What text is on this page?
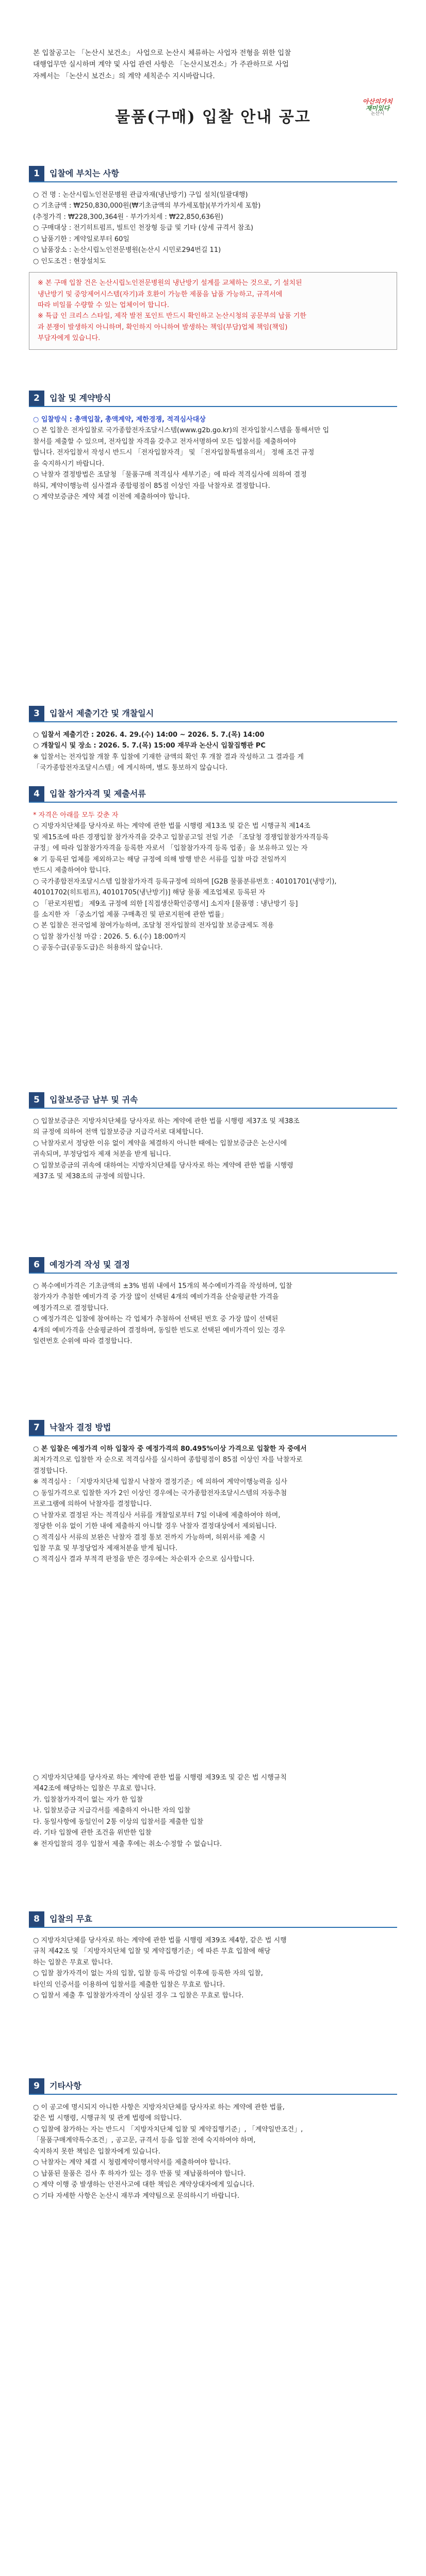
본 입찰공고는 「논산시 보건소」 사업으로 논산시 체류하는 사업자 전형을 위한 입찰

대행업무만 실시하며 계약 및 사업 관련 사항은 「논산시보건소」가 주관하므로 사업

자께서는 「논산시 보건소」의 계약 세칙준수 지시바랍니다.

물품(구매) 입찰 안내 공고
아산의가치
재미있다
논산시
1	입찰에 부치는 사항

○ 건 명 : 논산시립노인전문병원 관급자재(냉난방기) 구입 설치(일괄대행)

○ 기초금액 : ₩250,830,000원(₩기초금액의 부가세포함)(부가가치세 포함)

(추정가격 : ₩228,300,364원 · 부가가치세 : ₩22,850,636원)

○ 구매대상 : 전기히트펌프, 빌트인 천장형 등급 및 기타 (상세 규격서 참조)

○ 납품기한 : 계약일로부터 60일

○ 납품장소 : 논산시립노인전문병원(논산시 시민로294번길 11)

○ 인도조건 : 현장설치도

※ 본 구매 입찰 건은 논산시립노인전문병원의 냉난방기 설계를 교체하는 것으로, 기 설치된

냉난방기 및 중앙제어시스템(자기)과 호환이 가능한 제품을 납품 가능하고, 규격서에

따라 비일률 수량할 수 있는 업체이어 합니다.

※ 특급 인 크리스 스타일, 제작 발전 포인트 반드시 확인하고 논산시청의 공문부의 납품 기한

과 분쟁이 발생하지 아니하며, 확인하지 아니하여 발생하는 책임(부담)업체 책임(책임)

부담자에게 있습니다.

2	입찰 및 계약방식

○ 입찰방식 : 총액입찰, 총액계약, 제한경쟁, 적격심사대상

○ 본 입찰은 전자입찰로 국가종합전자조달시스템(www.g2b.go.kr)의 전자입찰시스템을 통해서만 입

찰서를 제출할 수 있으며, 전자입찰 자격을 갖추고 전자서명하여 모든 입찰서를 제출하여야

합니다. 전자입찰서 작성시 반드시 「전자입찰자격」 및 「전자입찰특별유의서」 정해 조건 규정

을 숙지하시기 바랍니다.

○ 낙찰자 결정방법은 조달청 「물품구매 적격심사 세부기준」에 따라 적격심사에 의하여 결정

하되, 계약이행능력 심사결과 종합평점이 85점 이상인 자를 낙찰자로 결정합니다.

○ 계약보증금은 계약 체결 이전에 제출하여야 합니다.

3	입찰서 제출기간 및 개찰일시

○ 입찰서 제출기간 : 2026. 4. 29.(수) 14:00 ~ 2026. 5. 7.(목) 14:00

○ 개찰일시 및 장소 : 2026. 5. 7.(목) 15:00 재무과 논산시 입찰집행관 PC

※ 입찰서는 전자입찰 개찰 후 입찰에 기재한 금액의 확인 후 개찰 결과 작성하고 그 결과를 게

「국가종합전자조달시스템」에 게시하며, 별도 통보하지 않습니다.

4	입찰 참가자격 및 제출서류

* 자격은 아래를 모두 갖춘 자

○ 지방자치단체를 당사자로 하는 계약에 관한 법률 시행령 제13조 및 같은 법 시행규칙 제14조

및 제15조에 따른 경쟁입찰 참가자격을 갖추고 입찰공고일 전일 기준 「조달청 경쟁입찰참가자격등록

규정」에 따라 입찰참가자격을 등록한 자로서 「입찰참가자격 등록 업종」을 보유하고 있는 자

※ 기 등록된 업체를 제외하고는 해당 규정에 의해 발행 받은 서류를 입찰 마감 전일까지

반드시 제출하여야 합니다.

○ 국가종합전자조달시스템 입찰참가자격 등록규정에 의하여 [G2B 물품분류번호 : 40101701(냉방기),

40101702(히트펌프), 40101705(냉난방기)] 해당 물품 제조업체로 등록된 자

○ 「판로지원법」 제9조 규정에 의한 [직접생산확인증명서] 소지자 [물품명 : 냉난방기 등]

를 소지한 자 「중소기업 제품 구매촉진 및 판로지원에 관한 법률」

○ 본 입찰은 전국업체 참여가능하며, 조달청 전자입찰의 전자입찰 보증금제도 적용

○ 입찰 참가신청 마감 : 2026. 5. 6.(수) 18:00까지

○ 공동수급(공동도급)은 허용하지 않습니다.

5	입찰보증금 납부 및 귀속

○ 입찰보증금은 지방자치단체를 당사자로 하는 계약에 관한 법률 시행령 제37조 및 제38조

의 규정에 의하여 전액 입찰보증금 지급각서로 대체합니다.

○ 낙찰자로서 정당한 이유 없이 계약을 체결하지 아니한 때에는 입찰보증금은 논산시에

귀속되며, 부정당업자 제재 처분을 받게 됩니다.

○ 입찰보증금의 귀속에 대하여는 지방자치단체를 당사자로 하는 계약에 관한 법률 시행령

제37조 및 제38조의 규정에 의합니다.

6	예정가격 작성 및 결정

○ 복수예비가격은 기초금액의 ±3% 범위 내에서 15개의 복수예비가격을 작성하며, 입찰

참가자가 추첨한 예비가격 중 가장 많이 선택된 4개의 예비가격을 산술평균한 가격을

예정가격으로 결정합니다.

○ 예정가격은 입찰에 참여하는 각 업체가 추첨하여 선택된 번호 중 가장 많이 선택된

4개의 예비가격을 산술평균하여 결정하며, 동일한 빈도로 선택된 예비가격이 있는 경우

일련번호 순위에 따라 결정합니다.

7	낙찰자 결정 방법

○ 본 입찰은 예정가격 이하 입찰자 중 예정가격의 80.495%이상 가격으로 입찰한 자 중에서

최저가격으로 입찰한 자 순으로 적격심사를 실시하여 종합평점이 85점 이상인 자를 낙찰자로

결정합니다.

※ 적격심사 : 「지방자치단체 입찰시 낙찰자 결정기준」에 의하여 계약이행능력을 심사

○ 동일가격으로 입찰한 자가 2인 이상인 경우에는 국가종합전자조달시스템의 자동추첨

프로그램에 의하여 낙찰자를 결정합니다.

○ 낙찰자로 결정된 자는 적격심사 서류를 개찰일로부터 7일 이내에 제출하여야 하며,

정당한 이유 없이 기한 내에 제출하지 아니할 경우 낙찰자 결정대상에서 제외됩니다.

○ 적격심사 서류의 보완은 낙찰자 결정 통보 전까지 가능하며, 허위서류 제출 시

입찰 무효 및 부정당업자 제재처분을 받게 됩니다.

○ 적격심사 결과 부적격 판정을 받은 경우에는 차순위자 순으로 심사합니다.

○ 지방자치단체를 당사자로 하는 계약에 관한 법률 시행령 제39조 및 같은 법 시행규칙

제42조에 해당하는 입찰은 무효로 합니다.

가. 입찰참가자격이 없는 자가 한 입찰

나. 입찰보증금 지급각서를 제출하지 아니한 자의 입찰

다. 동일사항에 동일인이 2통 이상의 입찰서를 제출한 입찰

라. 기타 입찰에 관한 조건을 위반한 입찰

※ 전자입찰의 경우 입찰서 제출 후에는 취소·수정할 수 없습니다.

8	입찰의 무효

○ 지방자치단체를 당사자로 하는 계약에 관한 법률 시행령 제39조 제4항, 같은 법 시행

규칙 제42조 및 「지방자치단체 입찰 및 계약집행기준」에 따른 무효 입찰에 해당

하는 입찰은 무효로 합니다.

○ 입찰 참가자격이 없는 자의 입찰, 입찰 등록 마감일 이후에 등록한 자의 입찰,

타인의 인증서를 이용하여 입찰서를 제출한 입찰은 무효로 합니다.

○ 입찰서 제출 후 입찰참가자격이 상실된 경우 그 입찰은 무효로 합니다.

9	기타사항

○ 이 공고에 명시되지 아니한 사항은 지방자치단체를 당사자로 하는 계약에 관한 법률,

같은 법 시행령, 시행규칙 및 관계 법령에 의합니다.

○ 입찰에 참가하는 자는 반드시 「지방자치단체 입찰 및 계약집행기준」, 「계약일반조건」,

「물품구매계약특수조건」, 공고문, 규격서 등을 입찰 전에 숙지하여야 하며,

숙지하지 못한 책임은 입찰자에게 있습니다.

○ 낙찰자는 계약 체결 시 청렴계약이행서약서를 제출하여야 합니다.

○ 납품된 물품은 검사 후 하자가 있는 경우 반품 및 재납품하여야 합니다.

○ 계약 이행 중 발생하는 안전사고에 대한 책임은 계약상대자에게 있습니다.

○ 기타 자세한 사항은 논산시 재무과 계약팀으로 문의하시기 바랍니다.
